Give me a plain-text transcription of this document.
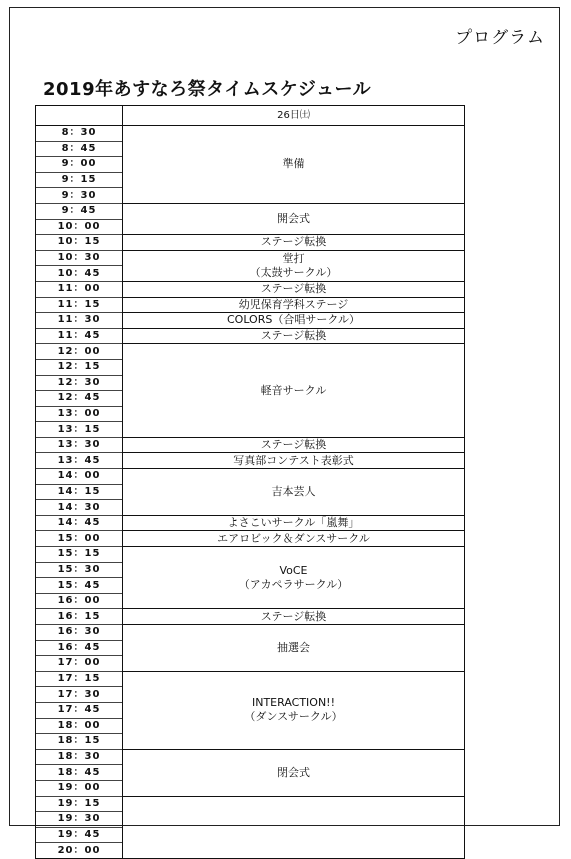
プログラム
2019年あすなろ祭タイムスケジュール
	26日㈯
8：30	準備
8：45	
9：00	
9：15	
9：30	
9：45	開会式
10：00	
10：15	ステージ転換
10：30	堂打
（太鼓サークル）

10：45	
11：00	ステージ転換
11：15	幼児保育学科ステージ
11：30	COLORS（合唱サークル）
11：45	ステージ転換
12：00	軽音サークル
12：15	
12：30	
12：45	
13：00	
13：15	
13：30	ステージ転換
13：45	写真部コンテスト表彰式
14：00	吉本芸人
14：15	
14：30	
14：45	よさこいサークル「嵐舞」
15：00	エアロビック＆ダンスサークル
15：15	VoCE
（アカペラサークル）

15：30	
15：45	
16：00	
16：15	ステージ転換
16：30	抽選会
16：45	
17：00	
17：15	INTERACTION!!
（ダンスサークル）

17：30	
17：45	
18：00	
18：15	
18：30	閉会式
18：45	
19：00	
19：15	
19：30	
19：45	
20：00	
